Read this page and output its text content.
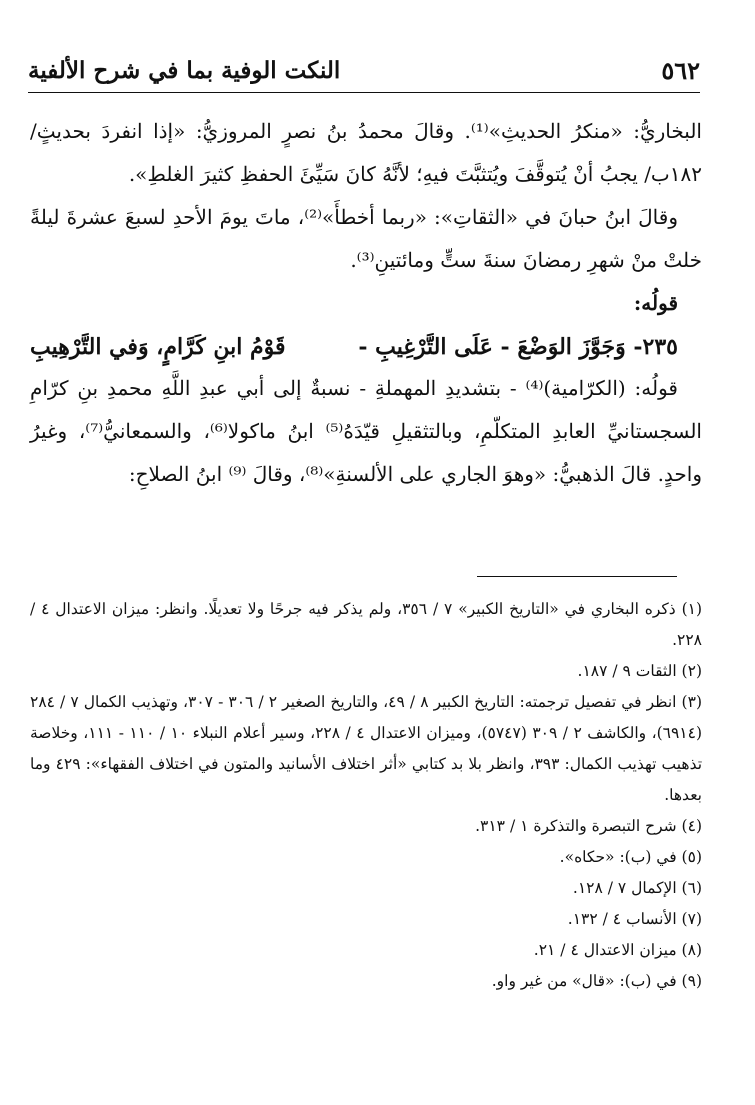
٥٦٢
النكت الوفية بما في شرح الألفية

البخاريُّ: «منكرُ الحديثِ»⁽¹⁾. وقالَ محمدُ بنُ نصرٍ المروزيُّ: «إذا انفردَ بحديثٍ/١٨٢ب/ يجبُ أنْ يُتوقَّفَ ويُتثبَّتَ فيهِ؛ لأنَّهُ كانَ سَيِّئَ الحفظِ كثيرَ الغلطِ».

وقالَ ابنُ حبانَ في «الثقاتِ»: «ربما أخطأَ»⁽²⁾، ماتَ يومَ الأحدِ لسبعَ عشرةَ ليلةً خلتْ منْ شهرِ رمضانَ سنةَ ستٍّ ومائتينِ⁽³⁾.

قولُه:
٢٣٥- وَجَوَّزَ الوَضْعَ - عَلَى التَّرْغِيبِ -
قَوْمُ ابنِ كَرَّامٍ، وَفي التَّرْهِيبِ

قولُه: (الكرّامية)⁽⁴⁾ - بتشديدِ المهملةِ - نسبةٌ إلى أبي عبدِ اللَّهِ محمدِ بنِ كرّامِ السجستانيِّ العابدِ المتكلّمِ، وبالتثقيلِ قيّدَهُ⁽⁵⁾ ابنُ ماكولا⁽⁶⁾، والسمعانيُّ⁽⁷⁾، وغيرُ واحدٍ. قالَ الذهبيُّ: «وهوَ الجاري على الألسنةِ»⁽⁸⁾، وقالَ ⁽⁹⁾ ابنُ الصلاحِ:

(١) ذكره البخاري في «التاريخ الكبير» ٧ / ٣٥٦، ولم يذكر فيه جرحًا ولا تعديلًا. وانظر: ميزان الاعتدال ٤ / ٢٢٨.

(٢) الثقات ٩ / ١٨٧.

(٣) انظر في تفصيل ترجمته: التاريخ الكبير ٨ / ٤٩، والتاريخ الصغير ٢ / ٣٠٦ - ٣٠٧، وتهذيب الكمال ٧ / ٢٨٤ (٦٩١٤)، والكاشف ٢ / ٣٠٩ (٥٧٤٧)، وميزان الاعتدال ٤ / ٢٢٨، وسير أعلام النبلاء ١٠ / ١١٠ - ١١١، وخلاصة تذهيب تهذيب الكمال: ٣٩٣، وانظر بلا بد كتابي «أثر اختلاف الأسانيد والمتون في اختلاف الفقهاء»: ٤٢٩ وما بعدها.

(٤) شرح التبصرة والتذكرة ١ / ٣١٣.

(٥) في (ب): «حكاه».

(٦) الإكمال ٧ / ١٢٨.

(٧) الأنساب ٤ / ١٣٢.

(٨) ميزان الاعتدال ٤ / ٢١.

(٩) في (ب): «قال» من غير واو.
